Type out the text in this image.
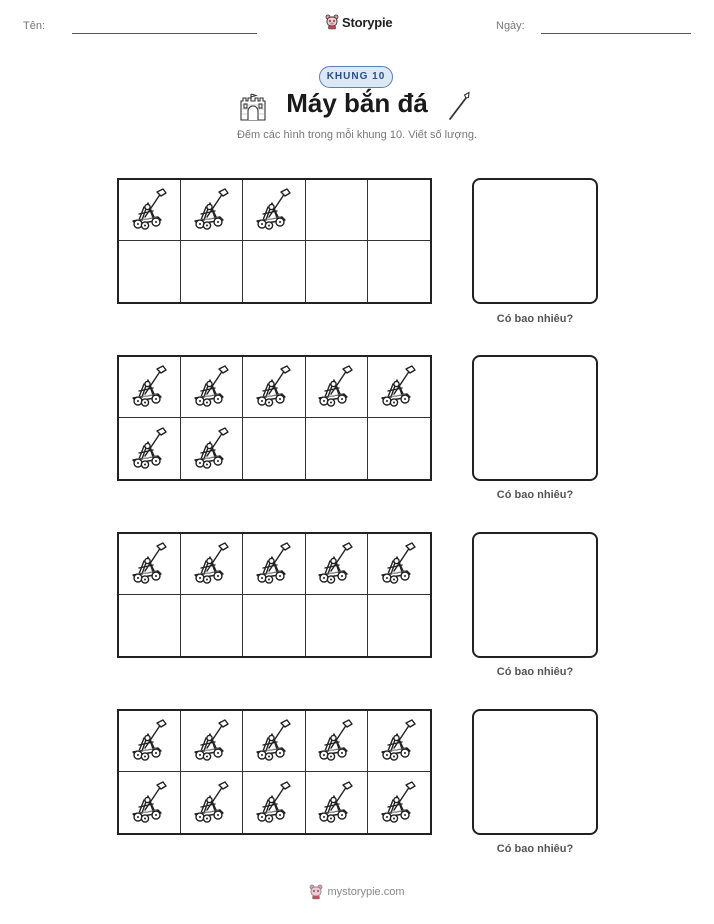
Tên:	Storypie	Ngày:
KHUNG 10
Máy bắn đá
Đếm các hình trong mỗi khung 10. Viết số lượng.
Có bao nhiêu?
Có bao nhiêu?
Có bao nhiêu?
Có bao nhiêu?
mystorypie.com
